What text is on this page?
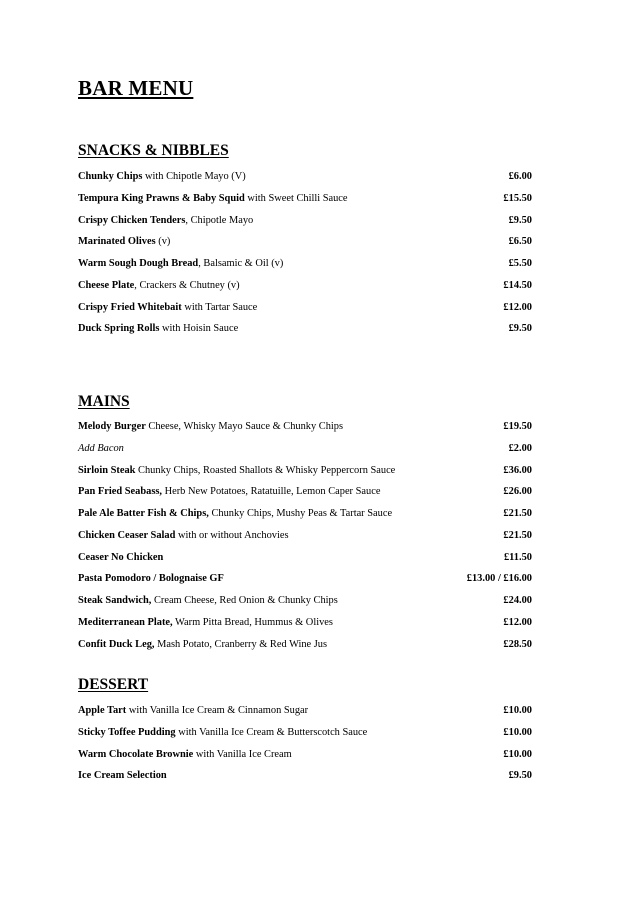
BAR MENU
SNACKS & NIBBLES
Chunky Chips with Chipotle Mayo (V)	£6.00
Tempura King Prawns & Baby Squid with Sweet Chilli Sauce	£15.50
Crispy Chicken Tenders, Chipotle Mayo	£9.50
Marinated Olives (v)	£6.50
Warm Sough Dough Bread, Balsamic & Oil (v)	£5.50
Cheese Plate, Crackers & Chutney (v)	£14.50
Crispy Fried Whitebait with Tartar Sauce	£12.00
Duck Spring Rolls with Hoisin Sauce	£9.50
MAINS
Melody Burger Cheese, Whisky Mayo Sauce & Chunky Chips	£19.50
Add Bacon	£2.00
Sirloin Steak Chunky Chips, Roasted Shallots & Whisky Peppercorn Sauce	£36.00
Pan Fried Seabass, Herb New Potatoes, Ratatuille, Lemon Caper Sauce	£26.00
Pale Ale Batter Fish & Chips, Chunky Chips, Mushy Peas & Tartar Sauce	£21.50
Chicken Ceaser Salad with or without Anchovies	£21.50
Ceaser No Chicken	£11.50
Pasta Pomodoro / Bolognaise GF	£13.00 / £16.00
Steak Sandwich, Cream Cheese, Red Onion & Chunky Chips	£24.00
Mediterranean Plate, Warm Pitta Bread, Hummus & Olives	£12.00
Confit Duck Leg, Mash Potato, Cranberry & Red Wine Jus	£28.50
DESSERT
Apple Tart with Vanilla Ice Cream & Cinnamon Sugar	£10.00
Sticky Toffee Pudding with Vanilla Ice Cream & Butterscotch Sauce	£10.00
Warm Chocolate Brownie with Vanilla Ice Cream	£10.00
Ice Cream Selection	£9.50
